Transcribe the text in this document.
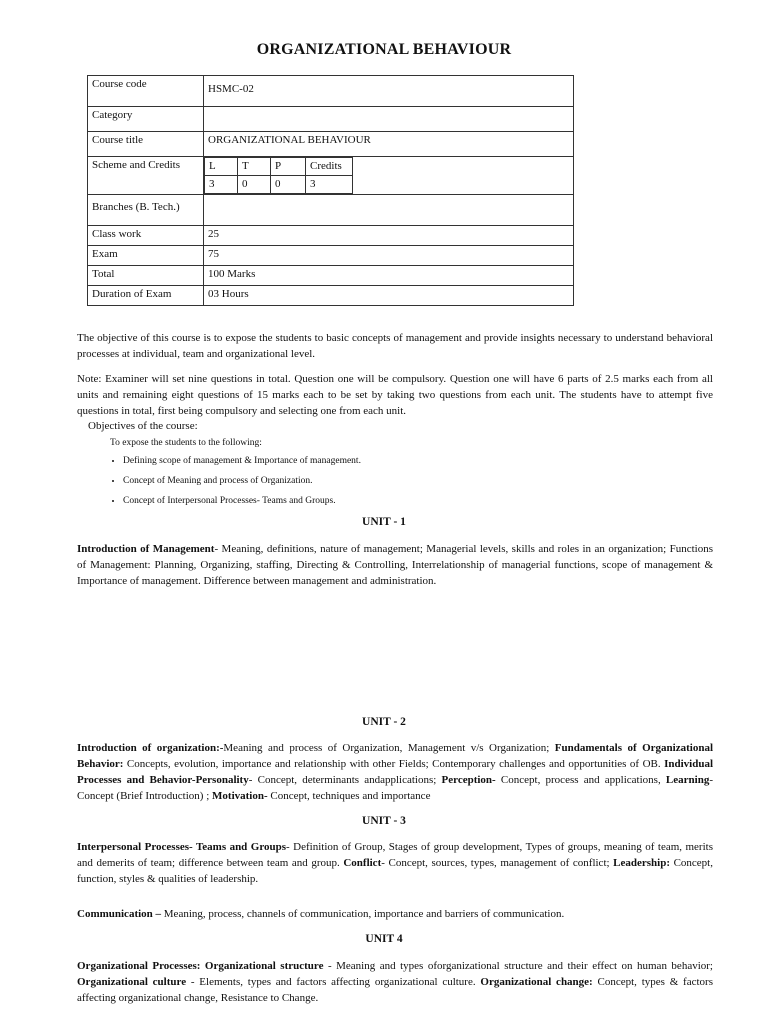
ORGANIZATIONAL BEHAVIOUR
Course code	HSMC-02
Category	
Course title	ORGANIZATIONAL BEHAVIOUR
Scheme and Credits		L	T	P	Credits
3	0	0	3

Branches (B. Tech.)	
Class work	25
Exam	75
Total	100 Marks
Duration of Exam	03 Hours
The objective of this course is to expose the students to basic concepts of management and provide insights necessary to understand behavioral processes at individual, team and organizational level.
Note: Examiner will set nine questions in total. Question one will be compulsory. Question one will have 6 parts of 2.5 marks each from all units and remaining eight questions of 15 marks each to be set by taking two questions from each unit. The students have to attempt five questions in total, first being compulsory and selecting one from each unit.
Objectives of the course:
To expose the students to the following:
• Defining scope of management & Importance of management.
• Concept of Meaning and process of Organization.
• Concept of Interpersonal Processes- Teams and Groups.
UNIT - 1
Introduction of Management- Meaning, definitions, nature of management; Managerial levels, skills and roles in an organization; Functions of Management: Planning, Organizing, staffing, Directing & Controlling, Interrelationship of managerial functions, scope of management & Importance of management. Difference between management and administration.
UNIT - 2
Introduction of organization:-Meaning and process of Organization, Management v/s Organization; Fundamentals of Organizational Behavior: Concepts, evolution, importance and relationship with other Fields; Contemporary challenges and opportunities of OB. Individual Processes and Behavior-Personality- Concept, determinants andapplications; Perception- Concept, process and applications, Learning- Concept (Brief Introduction) ; Motivation- Concept, techniques and importance
UNIT - 3
Interpersonal Processes- Teams and Groups- Definition of Group, Stages of group development, Types of groups, meaning of team, merits and demerits of team; difference between team and group. Conflict- Concept, sources, types, management of conflict; Leadership: Concept, function, styles & qualities of leadership.
Communication – Meaning, process, channels of communication, importance and barriers of communication.
UNIT 4
Organizational Processes: Organizational structure - Meaning and types oforganizational structure and their effect on human behavior; Organizational culture - Elements, types and factors affecting organizational culture. Organizational change: Concept, types & factors affecting organizational change, Resistance to Change.
